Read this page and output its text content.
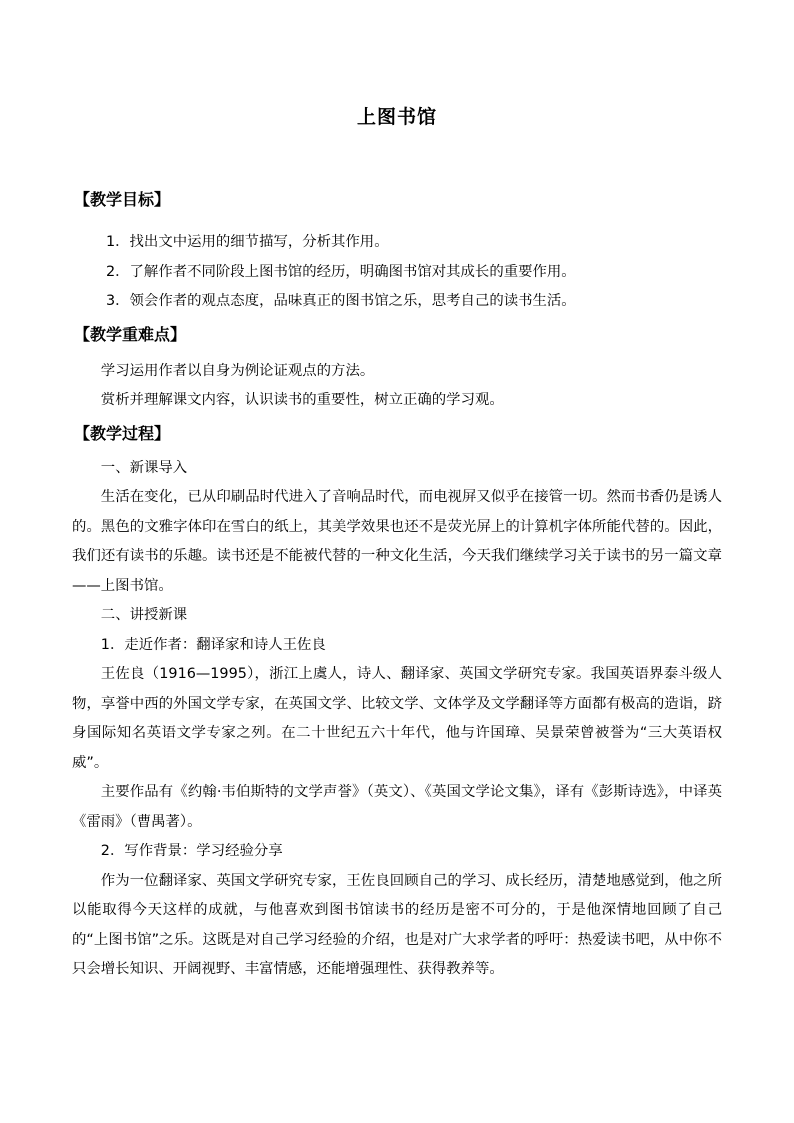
上图书馆
【教学目标】

1．找出文中运用的细节描写，分析其作用。

2．了解作者不同阶段上图书馆的经历，明确图书馆对其成长的重要作用。

3．领会作者的观点态度，品味真正的图书馆之乐，思考自己的读书生活。

【教学重难点】

学习运用作者以自身为例论证观点的方法。

赏析并理解课文内容，认识读书的重要性，树立正确的学习观。

【教学过程】

一、新课导入

生活在变化，已从印刷品时代进入了音响品时代，而电视屏又似乎在接管一切。然而书香仍是诱人的。黑色的文雅字体印在雪白的纸上，其美学效果也还不是荧光屏上的计算机字体所能代替的。因此，我们还有读书的乐趣。读书还是不能被代替的一种文化生活，今天我们继续学习关于读书的另一篇文章——上图书馆。

二、讲授新课

1．走近作者：翻译家和诗人王佐良

王佐良（1916—1995），浙江上虞人，诗人、翻译家、英国文学研究专家。我国英语界泰斗级人物，享誉中西的外国文学专家，在英国文学、比较文学、文体学及文学翻译等方面都有极高的造诣，跻身国际知名英语文学专家之列。在二十世纪五六十年代，他与许国璋、吴景荣曾被誉为“三大英语权威”。

主要作品有《约翰·韦伯斯特的文学声誉》（英文）、《英国文学论文集》，译有《彭斯诗选》，中译英《雷雨》（曹禺著）。

2．写作背景：学习经验分享

作为一位翻译家、英国文学研究专家，王佐良回顾自己的学习、成长经历，清楚地感觉到，他之所以能取得今天这样的成就，与他喜欢到图书馆读书的经历是密不可分的，于是他深情地回顾了自己的“上图书馆”之乐。这既是对自己学习经验的介绍，也是对广大求学者的呼吁：热爱读书吧，从中你不只会增长知识、开阔视野、丰富情感，还能增强理性、获得教养等。
